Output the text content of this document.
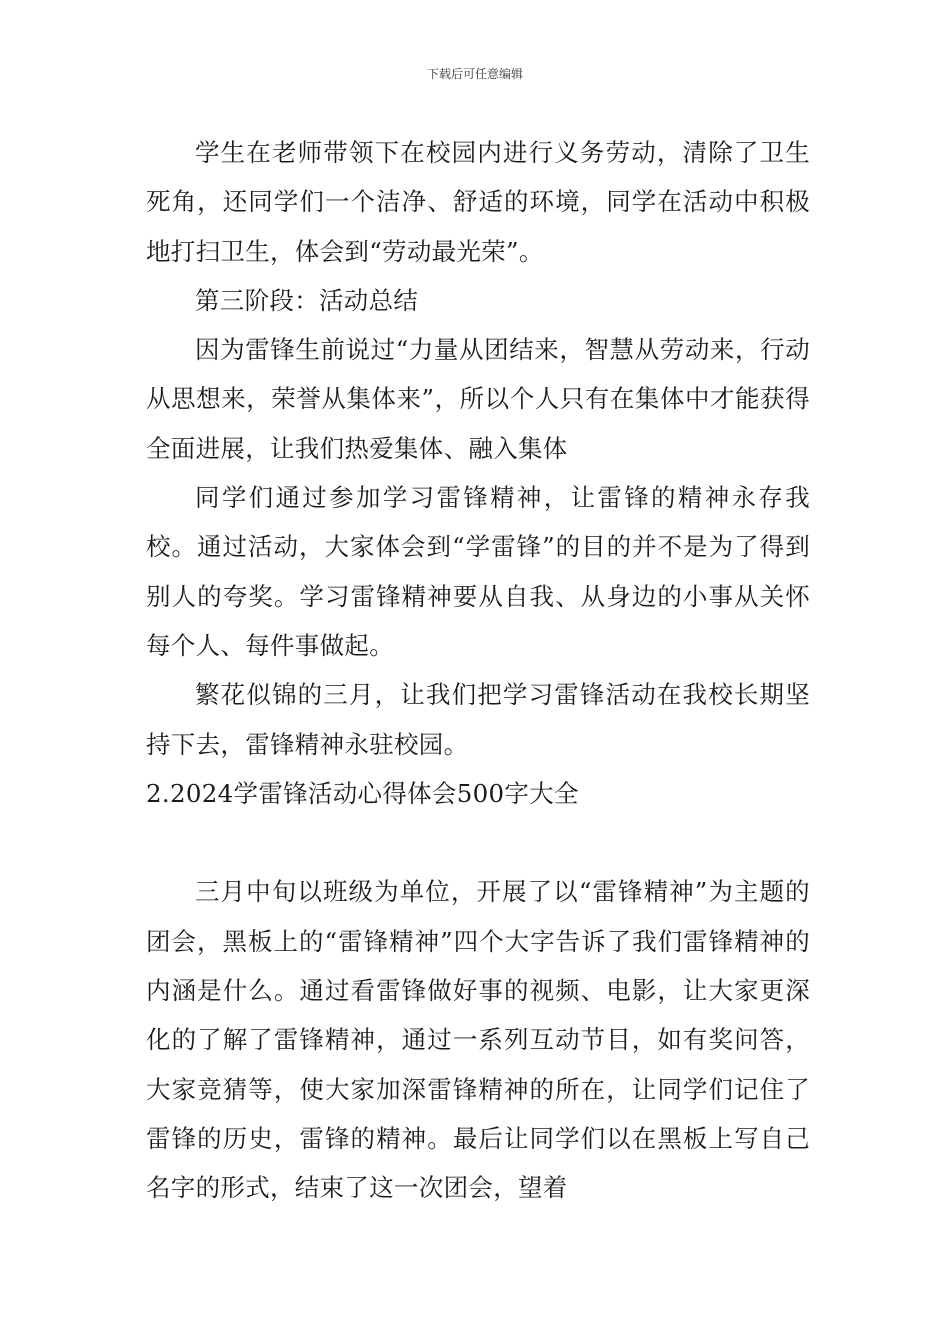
下载后可任意编辑

学生在老师带领下在校园内进行义务劳动，清除了卫生死角，还同学们一个洁净、舒适的环境，同学在活动中积极地打扫卫生，体会到“劳动最光荣”。

第三阶段：活动总结

因为雷锋生前说过“力量从团结来，智慧从劳动来，行动从思想来，荣誉从集体来”，所以个人只有在集体中才能获得全面进展，让我们热爱集体、融入集体

同学们通过参加学习雷锋精神，让雷锋的精神永存我校。通过活动，大家体会到“学雷锋”的目的并不是为了得到别人的夸奖。学习雷锋精神要从自我、从身边的小事从关怀每个人、每件事做起。

繁花似锦的三月，让我们把学习雷锋活动在我校长期坚持下去，雷锋精神永驻校园。

2.2024学雷锋活动心得体会500字大全

三月中旬以班级为单位，开展了以“雷锋精神”为主题的团会，黑板上的“雷锋精神”四个大字告诉了我们雷锋精神的内涵是什么。通过看雷锋做好事的视频、电影，让大家更深化的了解了雷锋精神，通过一系列互动节目，如有奖问答，大家竞猜等，使大家加深雷锋精神的所在，让同学们记住了雷锋的历史，雷锋的精神。最后让同学们以在黑板上写自己名字的形式，结束了这一次团会，望着
